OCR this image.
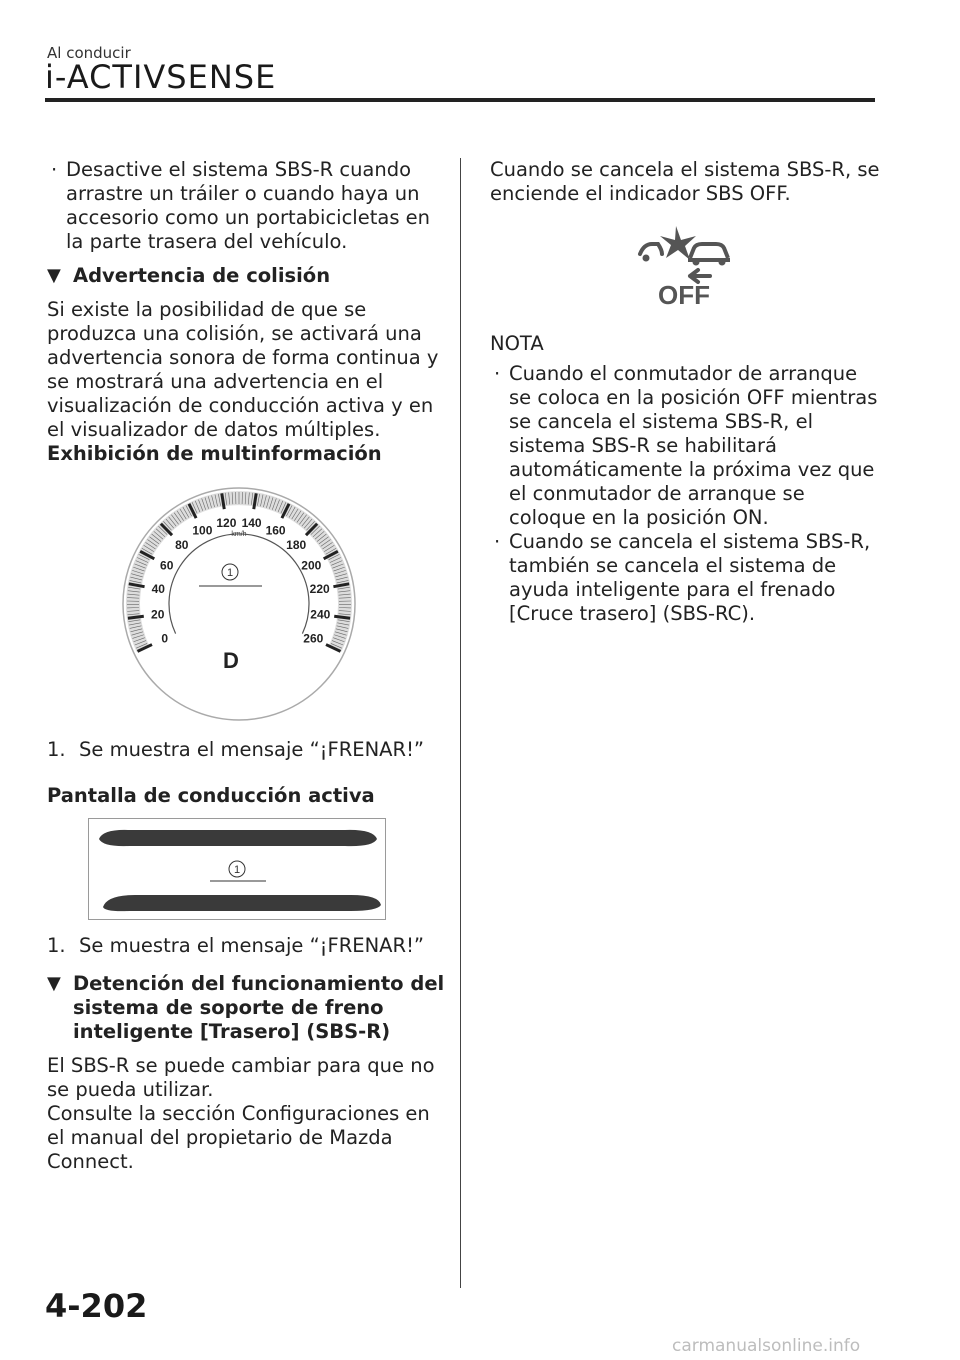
Al conducir
i-ACTIVSENSE

· Desactive el sistema SBS-R cuando arrastre un tráiler o cuando haya un accesorio como un portabicicletas en la parte trasera del vehículo.

▼ Advertencia de colisión

Si existe la posibilidad de que se produzca una colisión, se activará una advertencia sonora de forma continua y se mostrará una advertencia en el visualización de conducción activa y en el visualizador de datos múltiples.

Exhibición de multinformación

0
20
40
60
80
100
120 140
160
180
200
220
240
260
km/h
1
D
1. Se muestra el mensaje “¡FRENAR!”

Pantalla de conducción activa

1
1. Se muestra el mensaje “¡FRENAR!”

▼ Detención del funcionamiento del sistema de soporte de freno inteligente [Trasero] (SBS-R)

El SBS-R se puede cambiar para que no se pueda utilizar.

Consulte la sección Configuraciones en el manual del propietario de Mazda Connect.

Cuando se cancela el sistema SBS-R, se enciende el indicador SBS OFF.

OFF

NOTA

· Cuando el conmutador de arranque se coloca en la posición OFF mientras se cancela el sistema SBS-R, el sistema SBS-R se habilitará automáticamente la próxima vez que el conmutador de arranque se coloque en la posición ON.

· Cuando se cancela el sistema SBS-R, también se cancela el sistema de ayuda inteligente para el frenado [Cruce trasero] (SBS-RC).

4-202
carmanualsonline.info
